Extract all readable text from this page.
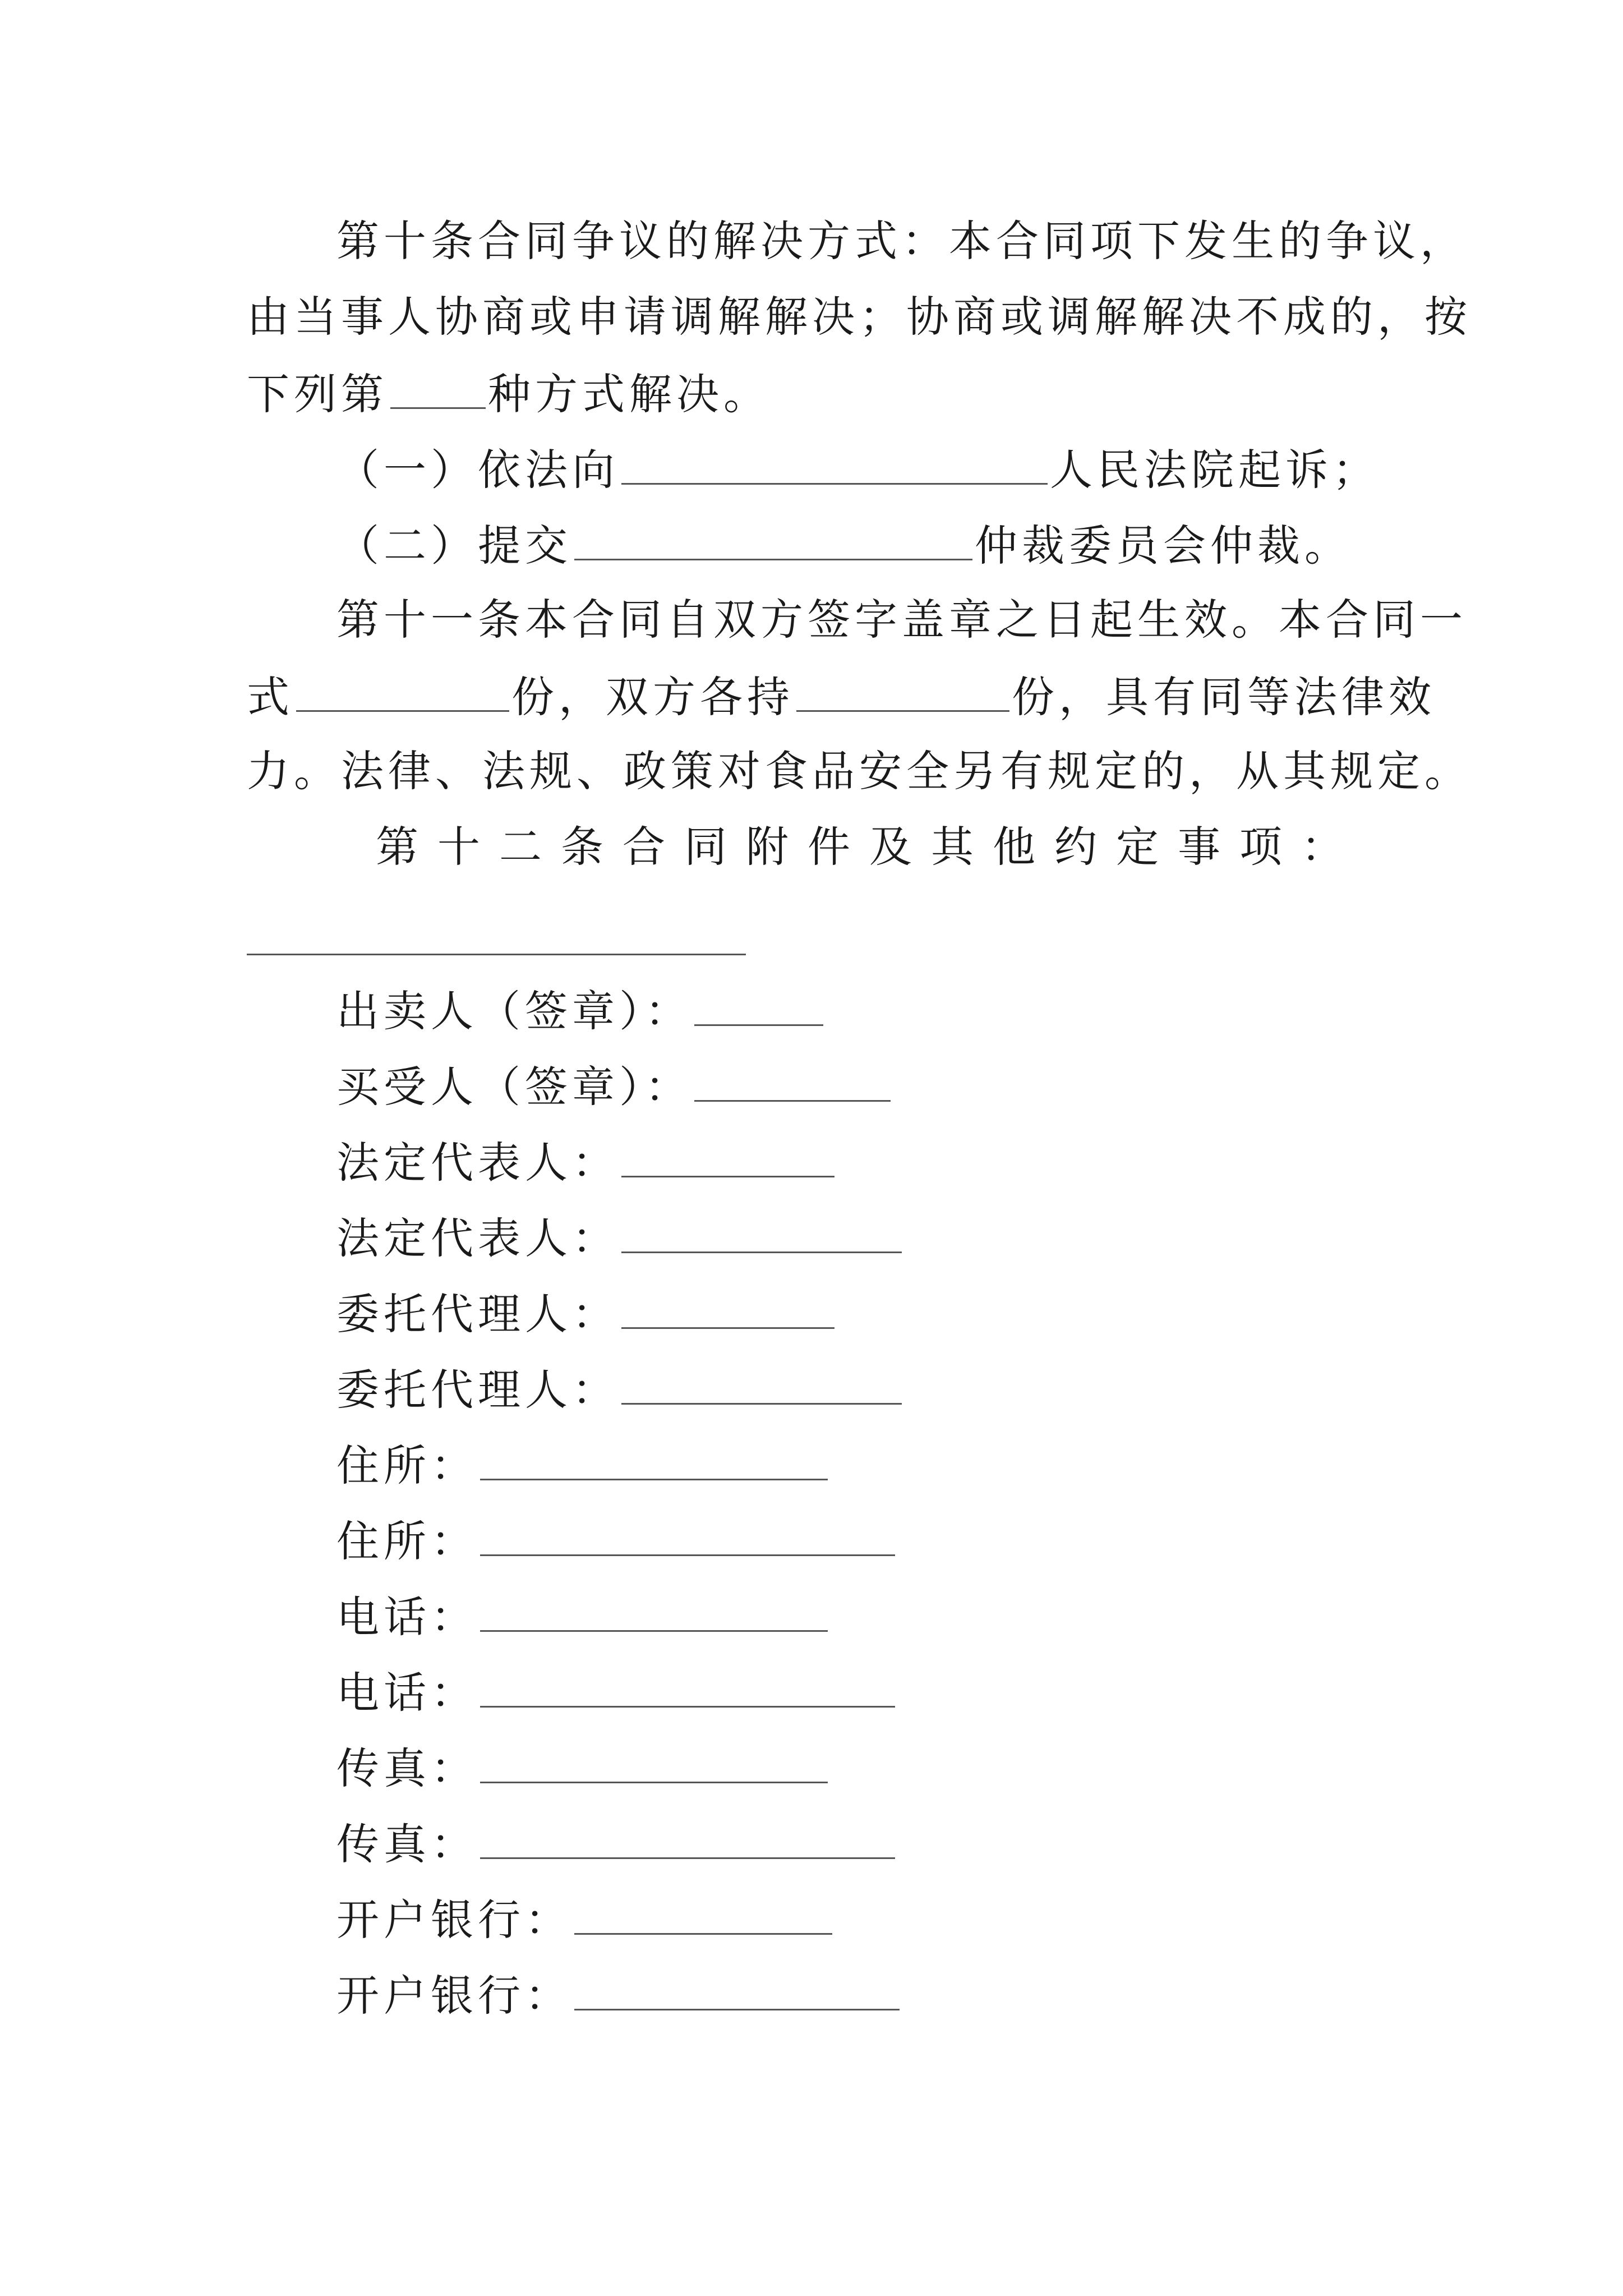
第十条合同争议的解决方式：本合同项下发生的争议，
由当事人协商或申请调解解决；协商或调解解决不成的，按
下列第 种方式解决。
（一）依法向	人民法院起诉；
（二）提交	仲裁委员会仲裁。
第十一条本合同自双方签字盖章之日起生效。本合同一
式	份，双方各持	份，具有同等法律效
力。法律、法规、政策对食品安全另有规定的，从其规定。
第十二条合同附件及其他约定事项：
出卖人（签章）：
买受人（签章）：
法定代表人：
法定代表人：
委托代理人：
委托代理人：
住所：
住所：
电话：
电话：
传真：
传真：
开户银行：
开户银行：
